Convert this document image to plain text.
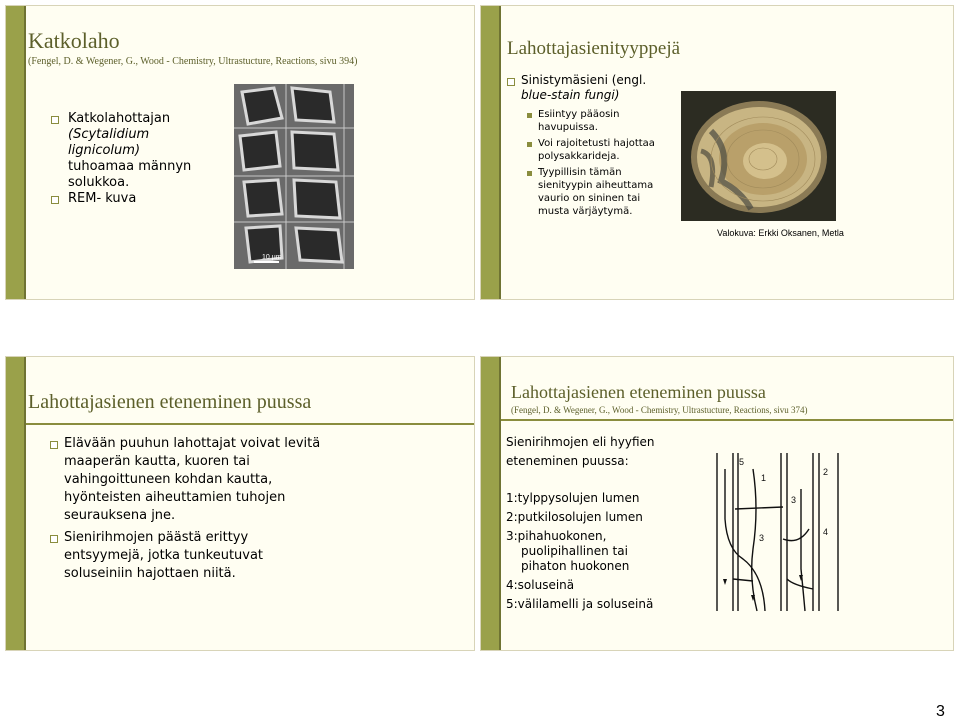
Katkolaho
(Fengel, D. & Wegener, G., Wood - Chemistry, Ultrastucture, Reactions, sivu 394)
Katkolahottajan
(Scytalidium
lignicolum)
tuhoamaa männyn
solukkoa.
REM- kuva
10 µm
Lahottajasienityyppejä
Sinistymäsieni (engl.
blue-stain fungi)
Esiintyy pääosin
havupuissa.
Voi rajoitetusti hajottaa
polysakkarideja.
Tyypillisin tämän
sienityypin aiheuttama
vaurio on sininen tai
musta värjäytymä.
Valokuva: Erkki Oksanen, Metla
Lahottajasienen eteneminen puussa
Elävään puuhun lahottajat voivat levitä
maaperän kautta, kuoren tai
vahingoittuneen kohdan kautta,
hyönteisten aiheuttamien tuhojen
seurauksena jne.
Sienirihmojen päästä erittyy
entsyymejä, jotka tunkeutuvat
soluseiniin hajottaen niitä.
Lahottajasienen eteneminen puussa
(Fengel, D. & Wegener, G., Wood - Chemistry, Ultrastucture, Reactions, sivu 374)
Sienirihmojen eli hyyfien
eteneminen puussa:
1:tylppysolujen lumen
2:putkilosolujen lumen
3:pihahuokonen,
puolipihallinen tai
pihaton huokonen
4:soluseinä
5:välilamelli ja soluseinä
5
1
2
3
4
3
3
